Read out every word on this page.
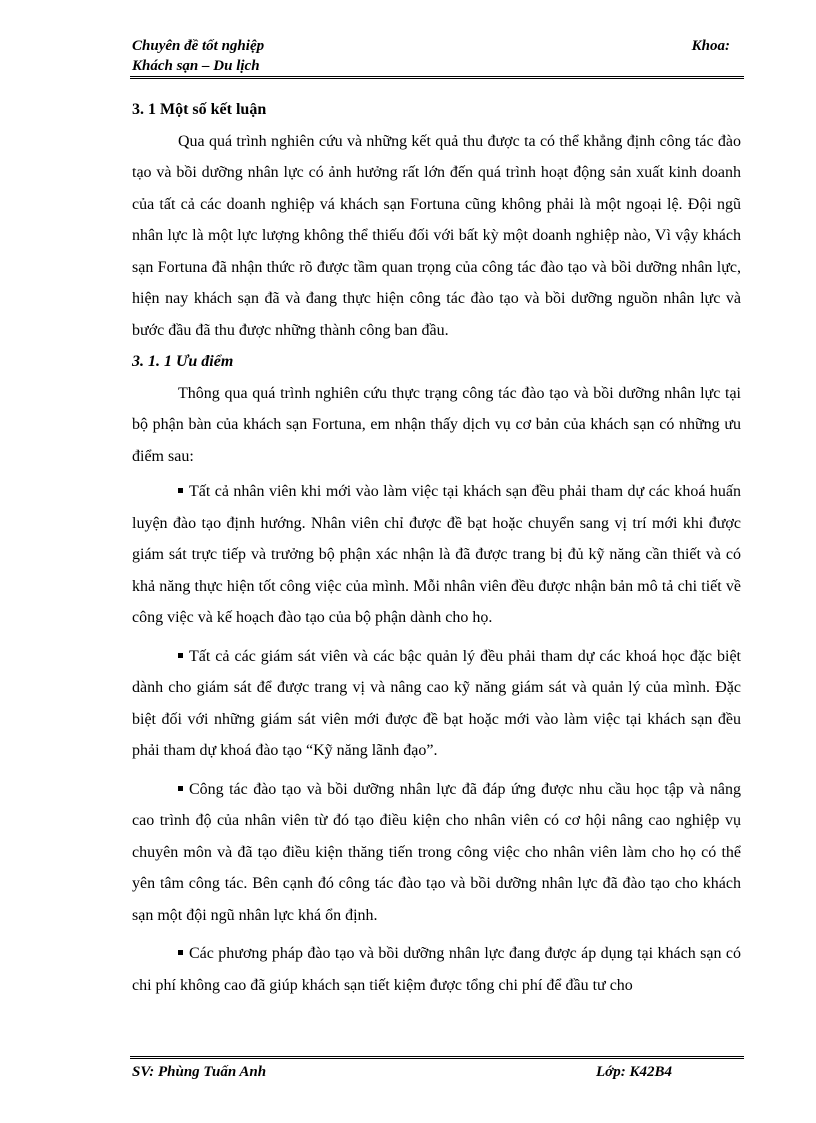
Chuyên đề tốt nghiệp
Khách sạn – Du lịch
Khoa:

3. 1 Một số kết luận

Qua quá trình nghiên cứu và những kết quả thu được ta có thể khẳng định công tác đào tạo và bồi dưỡng nhân lực có ảnh hưởng rất lớn đến quá trình hoạt động sản xuất kinh doanh của tất cả các doanh nghiệp vá khách sạn Fortuna cũng không phải là một ngoại lệ. Đội ngũ nhân lực là một lực lượng không thể thiếu đối với bất kỳ một doanh nghiệp nào, Vì vậy khách sạn Fortuna đã nhận thức rõ được tầm quan trọng của công tác đào tạo và bồi dưỡng nhân lực, hiện nay khách sạn đã và đang thực hiện công tác đào tạo và bồi dưỡng nguồn nhân lực và bước đầu đã thu được những thành công ban đầu.

3. 1. 1 Ưu điểm

Thông qua quá trình nghiên cứu thực trạng công tác đào tạo và bồi dưỡng nhân lực tại bộ phận bàn của khách sạn Fortuna, em nhận thấy dịch vụ cơ bản của khách sạn có những ưu điểm sau:

Tất cả nhân viên khi mới vào làm việc tại khách sạn đều phải tham dự các khoá huấn luyện đào tạo định hướng. Nhân viên chỉ được đề bạt hoặc chuyển sang vị trí mới khi được giám sát trực tiếp và trưởng bộ phận xác nhận là đã được trang bị đủ kỹ năng cần thiết và có khả năng thực hiện tốt công việc của mình. Mỗi nhân viên đều được nhận bản mô tả chi tiết về công việc và kế hoạch đào tạo của bộ phận dành cho họ.

Tất cả các giám sát viên và các bậc quản lý đều phải tham dự các khoá học đặc biệt dành cho giám sát để được trang vị và nâng cao kỹ năng giám sát và quản lý của mình. Đặc biệt đối với những giám sát viên mới được đề bạt hoặc mới vào làm việc tại khách sạn đều phải tham dự khoá đào tạo “Kỹ năng lãnh đạo”.

Công tác đào tạo và bồi dưỡng nhân lực đã đáp ứng được nhu cầu học tập và nâng cao trình độ của nhân viên từ đó tạo điều kiện cho nhân viên có cơ hội nâng cao nghiệp vụ chuyên môn và đã tạo điều kiện thăng tiến trong công việc cho nhân viên làm cho họ có thể yên tâm công tác. Bên cạnh đó công tác đào tạo và bồi dưỡng nhân lực đã đào tạo cho khách sạn một đội ngũ nhân lực khá ổn định.

Các phương pháp đào tạo và bồi dưỡng nhân lực đang được áp dụng tại khách sạn có chi phí không cao đã giúp khách sạn tiết kiệm được tổng chi phí để đầu tư cho

SV: Phùng Tuấn Anh	Lớp: K42B4
